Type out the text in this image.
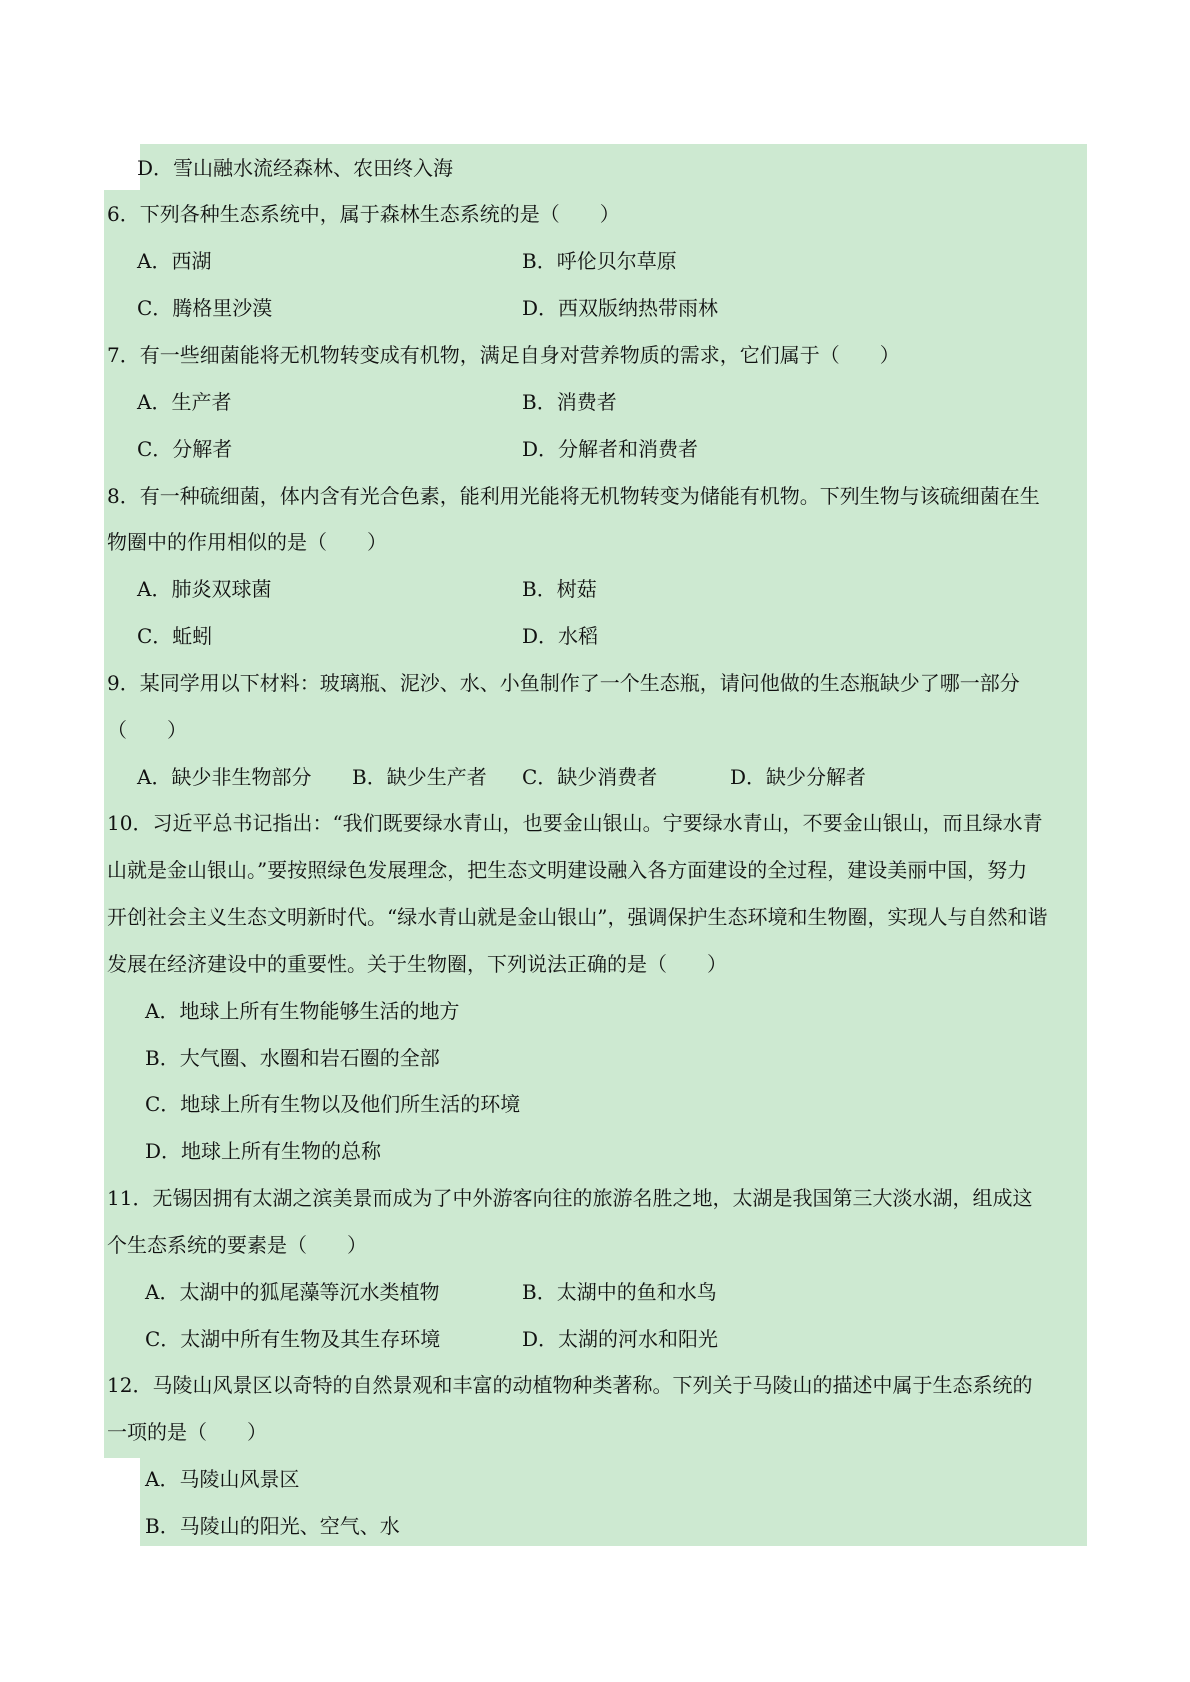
D．雪山融水流经森林、农田终入海
6．下列各种生态系统中，属于森林生态系统的是（　　）
A．西湖	B．呼伦贝尔草原
C．腾格里沙漠	D．西双版纳热带雨林
7．有一些细菌能将无机物转变成有机物，满足自身对营养物质的需求，它们属于（　　）
A．生产者	B．消费者
C．分解者	D．分解者和消费者
8．有一种硫细菌，体内含有光合色素，能利用光能将无机物转变为储能有机物。下列生物与该硫细菌在生
物圈中的作用相似的是（　　）
A．肺炎双球菌	B．树菇
C．蚯蚓	D．水稻
9．某同学用以下材料：玻璃瓶、泥沙、水、小鱼制作了一个生态瓶，请问他做的生态瓶缺少了哪一部分
（　　）
A．缺少非生物部分 B．缺少生产者 C．缺少消费者	D．缺少分解者
10．习近平总书记指出：“我们既要绿水青山，也要金山银山。宁要绿水青山，不要金山银山，而且绿水青
山就是金山银山。”要按照绿色发展理念，把生态文明建设融入各方面建设的全过程，建设美丽中国，努力
开创社会主义生态文明新时代。“绿水青山就是金山银山”，强调保护生态环境和生物圈，实现人与自然和谐
发展在经济建设中的重要性。关于生物圈，下列说法正确的是（　　）
A．地球上所有生物能够生活的地方
B．大气圈、水圈和岩石圈的全部
C．地球上所有生物以及他们所生活的环境
D．地球上所有生物的总称
11．无锡因拥有太湖之滨美景而成为了中外游客向往的旅游名胜之地，太湖是我国第三大淡水湖，组成这
个生态系统的要素是（　　）
A．太湖中的狐尾藻等沉水类植物	B．太湖中的鱼和水鸟
C．太湖中所有生物及其生存环境	D．太湖的河水和阳光
12．马陵山风景区以奇特的自然景观和丰富的动植物种类著称。下列关于马陵山的描述中属于生态系统的
一项的是（　　）
A．马陵山风景区
B．马陵山的阳光、空气、水
